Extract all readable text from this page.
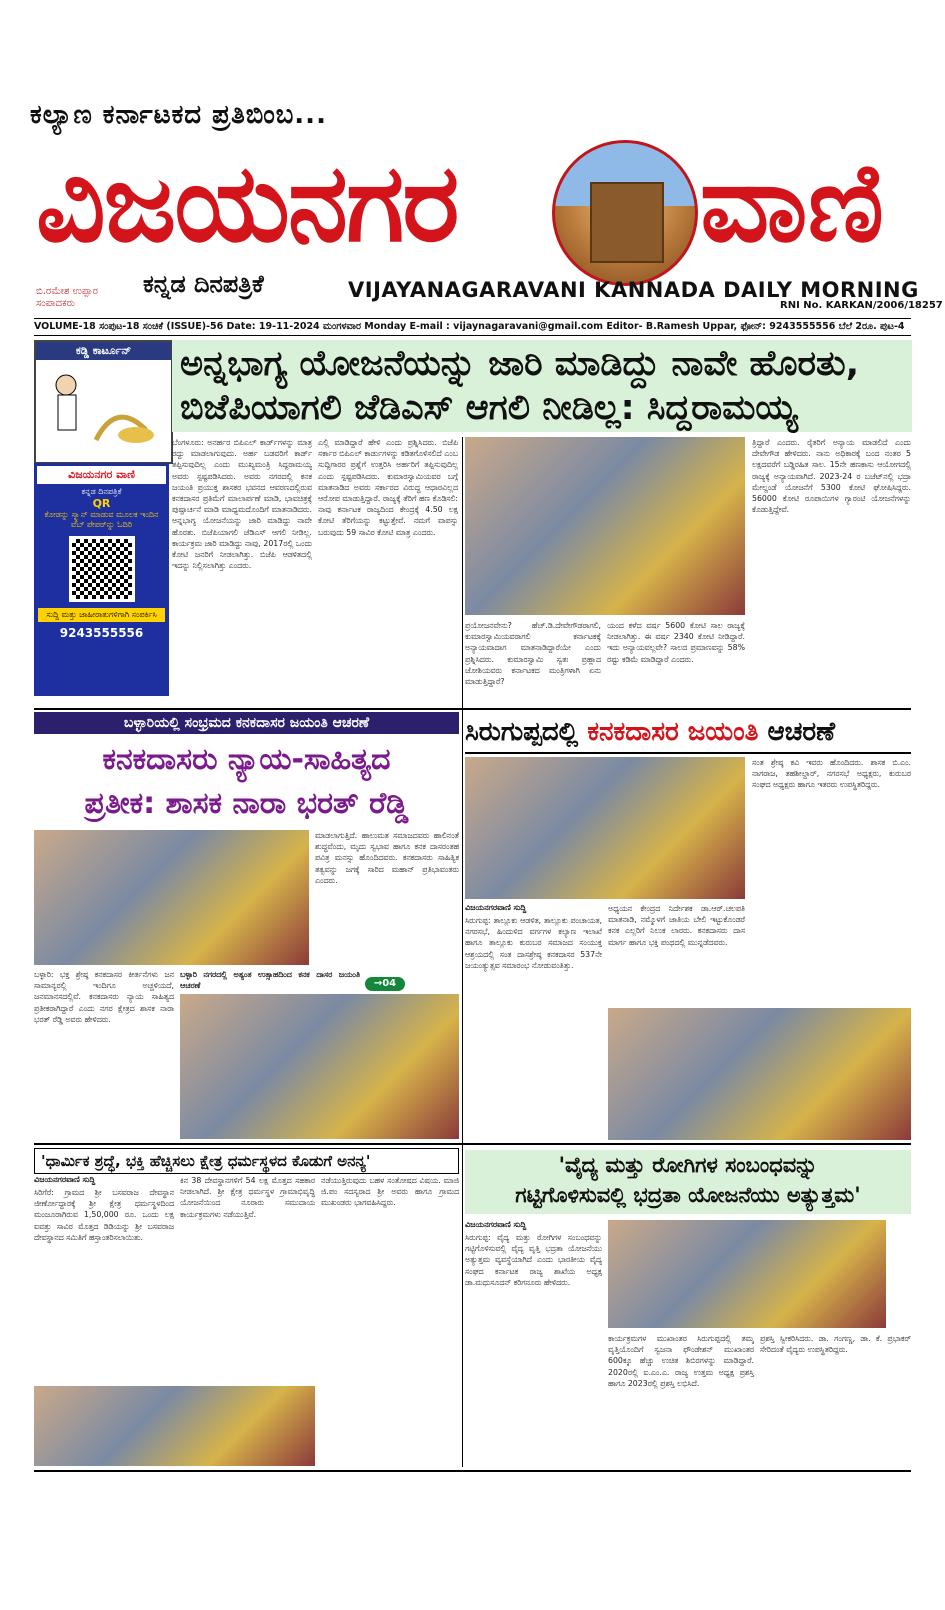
ಕಲ್ಯಾಣ ಕರ್ನಾಟಕದ ಪ್ರತಿಬಿಂಬ...
ವಿಜಯನಗರ ವಾಣಿ
ಬಿ.ರಮೇಶ ಉಪ್ಪಾರ
ಸಂಪಾದಕರು
ಕನ್ನಡ ದಿನಪತ್ರಿಕೆ	VIJAYANAGARAVANI KANNADA DAILY MORNING
RNI No. KARKAN/2006/18257
VOLUME-18 ಸಂಪುಟ-18 ಸಂಚಿಕೆ (ISSUE)-56 Date: 19-11-2024 ಮಂಗಳವಾರ Monday E-mail : vijaynagaravani@gmail.com Editor- B.Ramesh Uppar, ಫೋನ್: 9243555556 ಬೆಲೆ 2ರೂ. ಪುಟ-4
ಕಡ್ಡಿ ಕಾರ್ಟೂನ್
ವಿಜಯನಗರ ವಾಣಿ
ಕನ್ನಡ ದಿನಪತ್ರಿಕೆ
QR
ಕೋಡನ್ನು ಸ್ಕ್ಯಾನ್ ಮಾಡುವ ಮೂಲಕ ಇಂದಿನ ವೆಬ್ ಪೇಪರ್‌ನ್ನು ಓದಿರಿ
ಸುದ್ದಿ ಮತ್ತು ಜಾಹೀರಾತುಗಳಿಗಾಗಿ ಸಂಪರ್ಕಿಸಿ
9243555556
ಅನ್ನಭಾಗ್ಯ ಯೋಜನೆಯನ್ನು ಜಾರಿ ಮಾಡಿದ್ದು ನಾವೇ ಹೊರತು,
ಬಿಜೆಪಿಯಾಗಲಿ ಜೆಡಿಎಸ್ ಆಗಲಿ ನೀಡಿಲ್ಲ: ಸಿದ್ದರಾಮಯ್ಯ
ಬೆಂಗಳೂರು: ಅನರ್ಹರ ಬಿಪಿಎಲ್ ಕಾರ್ಡ್‌ಗಳನ್ನು ಮಾತ್ರ ರದ್ದು ಮಾಡಲಾಗುವುದು. ಅರ್ಹ ಬಡವರಿಗೆ ಕಾರ್ಡ್ ತಪ್ಪಿಸುವುದಿಲ್ಲ ಎಂದು ಮುಖ್ಯಮಂತ್ರಿ ಸಿದ್ದರಾಮಯ್ಯ ಅವರು ಸ್ಪಷ್ಟಪಡಿಸಿದರು. ಅವರು ನಗರದಲ್ಲಿ ಕನಕ ಜಯಂತಿ ಪ್ರಯುಕ್ತ ಶಾಸಕರ ಭವನದ ಆವರಣದಲ್ಲಿರುವ ಕನಕದಾಸರ ಪ್ರತಿಮೆಗೆ ಮಾಲಾರ್ಪಣೆ ಮಾಡಿ, ಭಾವಚಿತ್ರಕ್ಕೆ ಪುಷ್ಪಾರ್ಚನೆ ಮಾಡಿ ಮಾಧ್ಯಮದೊಂದಿಗೆ ಮಾತನಾಡಿದರು. ಅನ್ನಭಾಗ್ಯ ಯೋಜನೆಯನ್ನು ಜಾರಿ ಮಾಡಿದ್ದು ನಾವೇ ಹೊರತು. ಬಿಜೆಪಿಯಾಗಲಿ ಜೆಡಿಎಸ್ ಆಗಲಿ ನೀಡಿಲ್ಲ. ಕಾರ್ಯಕ್ರಮ ಜಾರಿ ಮಾಡಿದ್ದು ನಾವು, 2017ರಲ್ಲಿ ಒಂದು ಕೋಟಿ ಜನರಿಗೆ ನೀಡಲಾಗಿತ್ತು. ಬಿಜೆಪಿ ಆಡಳಿತದಲ್ಲಿ ಇದನ್ನು ನಿಲ್ಲಿಸಲಾಗಿತ್ತು ಎಂದರು.
ಎಲ್ಲಿ ಮಾಡಿದ್ದಾರೆ ಹೇಳಿ ಎಂದು ಪ್ರಶ್ನಿಸಿದರು. ಬಿಜೆಪಿ ಸರ್ಕಾರ ಬಿಪಿಎಲ್ ಕಾರ್ಡುಗಳನ್ನು ಕಡಿತಗೊಳಿಸಲಿದೆ ಎಂಬ ಸುದ್ದಿಗಾರರ ಪ್ರಶ್ನೆಗೆ ಉತ್ತರಿಸಿ ಅರ್ಹರಿಗೆ ತಪ್ಪಿಸುವುದಿಲ್ಲ ಎಂದು ಸ್ಪಷ್ಟಪಡಿಸಿದರು. ಕುಮಾರಸ್ವಾಮಿಯವರ ಬಗ್ಗೆ ಮಾತನಾಡಿದ ಅವರು ಸರ್ಕಾರದ ವಿರುದ್ಧ ಆಧಾರವಿಲ್ಲದ ಆರೋಪ ಮಾಡುತ್ತಿದ್ದಾರೆ. ರಾಜ್ಯಕ್ಕೆ ತೆರಿಗೆ ಹಣ ಕೊಡಿಸಲಿ: ನಾವು ಕರ್ನಾಟಕ ರಾಜ್ಯದಿಂದ ಕೇಂದ್ರಕ್ಕೆ 4.50 ಲಕ್ಷ ಕೋಟಿ ತೆರಿಗೆಯನ್ನು ಕಟ್ಟುತ್ತೇವೆ. ನಮಗೆ ವಾಪಸ್ಸು ಬರುವುದು 59 ಸಾವಿರ ಕೋಟಿ ಮಾತ್ರ ಎಂದರು.
ಪ್ರಯೋಜನವೇನು? ಹೆಚ್.ಡಿ.ದೇವೇಗೌಡರಾಗಲಿ, ಕುಮಾರಸ್ವಾಮಿಯವರಾಗಲಿ ಕರ್ನಾಟಕಕ್ಕೆ ಅನ್ಯಾಯವಾದಾಗ ಮಾತನಾಡಿದ್ದಾರೆಯೇ ಎಂದು ಪ್ರಶ್ನಿಸಿದರು. ಕುಮಾರಸ್ವಾಮಿ ಸ್ವತಃ ಪ್ರಹ್ಲಾದ ಜೋಶಿಯವರು ಕರ್ನಾಟಕದ ಮಂತ್ರಿಗಳಾಗಿ ಏನು ಮಾಡುತ್ತಿದ್ದಾರೆ?
ಯಂದ ಕಳೆದ ವರ್ಷ 5600 ಕೋಟಿ ಸಾಲ ರಾಜ್ಯಕ್ಕೆ ನೀಡಲಾಗಿತ್ತು. ಈ ವರ್ಷ 2340 ಕೋಟಿ ನೀಡಿದ್ದಾರೆ. ಇದು ಅನ್ಯಾಯವಲ್ಲವೇ? ಸಾಲದ ಪ್ರಮಾಣವನ್ನು 58% ರಷ್ಟು ಕಡಿಮೆ ಮಾಡಿದ್ದಾರೆ ಎಂದರು.
ತ್ರಿದ್ದಾರೆ ಎಂದರು. ರೈತರಿಗೆ ಅನ್ಯಾಯ ಮಾಡಲಿದೆ ಎಂದು ದೇವೇಗೌಡ ಹೇಳಿದರು. ನಾನು ಅಧಿಕಾರಕ್ಕೆ ಬಂದ ನಂತರ 5 ಲಕ್ಷದವರೆಗೆ ಬಡ್ಡಿರಹಿತ ಸಾಲ. 15ನೇ ಹಣಕಾಸು ಆಯೋಗದಲ್ಲಿ ರಾಜ್ಯಕ್ಕೆ ಅನ್ಯಾಯವಾಗಿದೆ. 2023-24 ರ ಬಜೆಟ್‌ನಲ್ಲಿ ಭದ್ರಾ ಮೇಲ್ದಂಡೆ ಯೋಜನೆಗೆ 5300 ಕೋಟಿ ಘೋಷಿಸಿದ್ದರು. 56000 ಕೋಟಿ ರೂಪಾಯಿಗಳ ಗ್ಯಾರಂಟಿ ಯೋಜನೆಗಳನ್ನು ಕೊಡುತ್ತಿದ್ದೇವೆ.
ಬಳ್ಳಾರಿಯಲ್ಲಿ ಸಂಭ್ರಮದ ಕನಕದಾಸರ ಜಯಂತಿ ಆಚರಣೆ
ಕನಕದಾಸರು ನ್ಯಾಯ-ಸಾಹಿತ್ಯದ
ಪ್ರತೀಕ: ಶಾಸಕ ನಾರಾ ಭರತ್ ರೆಡ್ಡಿ
ಮಾಡಲಾಗುತ್ತಿದೆ. ಹಾಲುಮತ ಸಮಾಜದವರು ಹಾಲಿನಂತೆ ಶುದ್ಧವೆಂದು, ಮೃದು ಸ್ವಭಾವ ಹಾಗೂ ಕನಕ ದಾಸರಂತಹ ಪವಿತ್ರ ಮನಸ್ಸು ಹೊಂದಿದವರು. ಕನಕದಾಸರು ಸಾಹಿತ್ಯಿಕ ತತ್ವವನ್ನು ಜಗಕ್ಕೆ ಸಾರಿದ ಮಹಾನ್ ಪ್ರತಿಭಾವಂತರು ಎಂದರು.
ಬಳ್ಳಾರಿ ನಗರದಲ್ಲಿ ಅತ್ಯಂತ ಉತ್ಸಾಹದಿಂದ ಕನಕ ದಾಸರ ಜಯಂತಿ ಆಚರಣೆ	→04
ಬಳ್ಳಾರಿ: ಭಕ್ತ ಶ್ರೇಷ್ಠ ಕನಕದಾಸರ ಕೀರ್ತನೆಗಳು ಜನ ಸಾಮಾನ್ಯರಲ್ಲಿ ಇಂದಿಗೂ ಅಚ್ಚಳಿಯದೆ, ಜನಮಾನಸದಲ್ಲಿವೆ. ಕನಕದಾಸರು ನ್ಯಾಯ ಸಾಹಿತ್ಯದ ಪ್ರತೀಕರಾಗಿದ್ದಾರೆ ಎಂದು ನಗರ ಕ್ಷೇತ್ರದ ಶಾಸಕ ನಾರಾ ಭರತ್ ರೆಡ್ಡಿ ಅವರು ಹೇಳಿದರು.
ಸಿರುಗುಪ್ಪದಲ್ಲಿ ಕನಕದಾಸರ ಜಯಂತಿ ಆಚರಣೆ
ವಿಜಯನಗರವಾಣಿ ಸುದ್ದಿ
ಸಿರುಗುಪ್ಪ: ತಾಲ್ಲೂಕು ಆಡಳಿತ, ತಾಲ್ಲೂಕು ಪಂಚಾಯತ, ನಗರಸಭೆ, ಹಿಂದುಳಿದ ವರ್ಗಗಳ ಕಲ್ಯಾಣ ಇಲಾಖೆ ಹಾಗೂ ತಾಲ್ಲೂಕು ಕುರುಬರ ಸಮಾಜದ ಸಂಯುಕ್ತ ಆಶ್ರಯದಲ್ಲಿ ಸಂತ ದಾಸಶ್ರೇಷ್ಠ ಕನಕದಾಸರ 537ನೇ ಜಯಂತ್ಯುತ್ಸವ ಸಮಾರಂಭ ನೋಡುವಂತಿತ್ತು.
ಅಧ್ಯಯನ ಕೇಂದ್ರದ ನಿರ್ದೇಶಕ ಡಾ.ಆರ್.ಚಲಪತಿ ಮಾತನಾಡಿ, ನಮ್ಮೊಳಗೆ ಜಾತಿಯ ಬೇಲಿ ಇಟ್ಟುಕೊಂಡರೆ ಕನಕ ಎಲ್ಲರಿಗೆ ನಿಲುಕ ಲಾರರು. ಕನಕದಾಸರು ದಾಸ ಮಾರ್ಗ ಹಾಗೂ ಭಕ್ತಿ ಪಂಥದಲ್ಲಿ ಮುನ್ನಡೆದವರು.
ಸಂತ ಶ್ರೇಷ್ಠ ಕವಿ ಇವರು ಹೊಂದಿದರು. ಶಾಸಕ ಬಿ.ಎಂ. ನಾಗರಾಜ, ತಹಶೀಲ್ದಾರ್, ನಗರಸಭೆ ಅಧ್ಯಕ್ಷರು, ಕುರುಬರ ಸಂಘದ ಅಧ್ಯಕ್ಷರು ಹಾಗೂ ಇತರರು ಉಪಸ್ಥಿತರಿದ್ದರು.
'ಧಾರ್ಮಿಕ ಶ್ರದ್ಧೆ, ಭಕ್ತಿ ಹೆಚ್ಚಿಸಲು ಕ್ಷೇತ್ರ ಧರ್ಮಸ್ಥಳದ ಕೊಡುಗೆ ಅನನ್ಯ'
ವಿಜಯನಗರವಾಣಿ ಸುದ್ದಿ
ಸಿರಿಗೆರೆ: ಗ್ರಾಮದ ಶ್ರೀ ಬಸವರಾಜ ದೇವಸ್ಥಾನ ಜೀರ್ಣೋದ್ಧಾರಕ್ಕೆ ಶ್ರೀ ಕ್ಷೇತ್ರ ಧರ್ಮಸ್ಥಳದಿಂದ ಮಂಜೂರಾಗಿರುವ 1,50,000 ರೂ. ಒಂದು ಲಕ್ಷ ಐವತ್ತು ಸಾವಿರ ಮೊತ್ತದ ಡಿಡಿಯನ್ನು ಶ್ರೀ ಬಸವರಾಜ ದೇವಸ್ಥಾನದ ಸಮಿತಿಗೆ ಹಸ್ತಾಂತರಿಸಲಾಯಿತು.
ಕಿನ 38 ದೇವಸ್ಥಾನಗಳಿಗೆ 54 ಲಕ್ಷ ಮೊತ್ತದ ಸಹಕಾರ ನೀಡಲಾಗಿದೆ. ಶ್ರೀ ಕ್ಷೇತ್ರ ಧರ್ಮಸ್ಥಳ ಗ್ರಾಮಾಭಿವೃದ್ಧಿ ಯೋಜನೆಯಿಂದ ನೂರಾರು ಸಮುದಾಯ ಕಾರ್ಯಕ್ರಮಗಳು ನಡೆಯುತ್ತಿವೆ.
ನಡೆಯುತ್ತಿರುವುದು ಬಹಳ ಸಂತೋಷದ ವಿಷಯ. ಮಾಜಿ ಜಿ.ಪಂ ಸದಸ್ಯರಾದ ಶ್ರೀ ಅವರು ಹಾಗೂ ಗ್ರಾಮದ ಮುಖಂಡರು ಭಾಗವಹಿಸಿದ್ದರು.
'ವೈದ್ಯ ಮತ್ತು ರೋಗಿಗಳ ಸಂಬಂಧವನ್ನು
ಗಟ್ಟಿಗೊಳಿಸುವಲ್ಲಿ ಭದ್ರತಾ ಯೋಜನೆಯು ಅತ್ಯುತ್ತಮ'
ವಿಜಯನಗರವಾಣಿ ಸುದ್ದಿ
ಸಿರುಗುಪ್ಪ: ವೈದ್ಯ ಮತ್ತು ರೋಗಿಗಳ ಸಂಬಂಧವನ್ನು ಗಟ್ಟಿಗೊಳಿಸುವಲ್ಲಿ ವೈದ್ಯ ವೃತ್ತಿ ಭದ್ರತಾ ಯೋಜನೆಯು ಅತ್ಯುತ್ತಮ ವ್ಯವಸ್ಥೆಯಾಗಿದೆ ಎಂದು ಭಾರತೀಯ ವೈದ್ಯ ಸಂಘದ ಕರ್ನಾಟಕ ರಾಜ್ಯ ಶಾಖೆಯ ಅಧ್ಯಕ್ಷ ಡಾ.ಮಧುಸೂದನ್ ಕರಿಗನೂರು ಹೇಳಿದರು.
ಕಾರ್ಯಕ್ರಮಗಳ ಮುಖಾಂತರ ಸಿರುಗುಪ್ಪದಲ್ಲಿ ತಮ್ಮ ವೃತ್ತಿಯೊಂದಿಗೆ ಸ್ವಜನಾ ಫೌಂಡೇಶನ್ ಮುಖಾಂತರ 600ಕ್ಕೂ ಹೆಚ್ಚು ಉಚಿತ ಶಿಬಿರಗಳನ್ನು ಮಾಡಿದ್ದಾರೆ. 2020ರಲ್ಲಿ ಐ.ಎಂ.ಎ. ರಾಜ್ಯ ಉತ್ತಮ ಅಧ್ಯಕ್ಷ ಪ್ರಶಸ್ತಿ ಹಾಗೂ 2023ರಲ್ಲಿ ಪ್ರಶಸ್ತಿ ಲಭಿಸಿದೆ.
ಪ್ರಶಸ್ತಿ ಸ್ವೀಕರಿಸಿದರು. ಡಾ. ಗಂಗಣ್ಣ, ಡಾ. ಕೆ. ಪ್ರಭಾಕರ್ ಸೇರಿದಂತೆ ವೈದ್ಯರು ಉಪಸ್ಥಿತರಿದ್ದರು.
